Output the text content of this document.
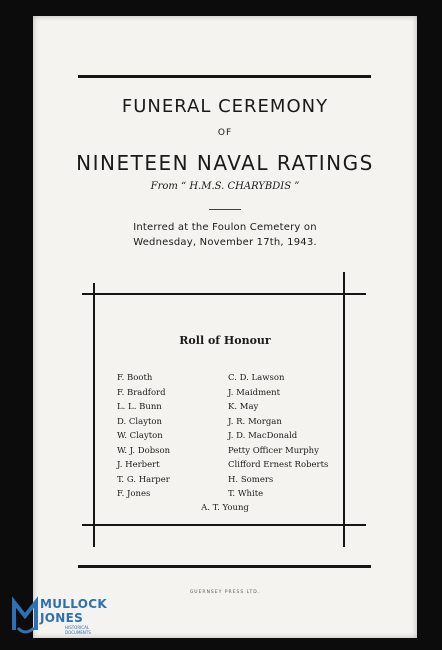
FUNERAL CEREMONY
OF
NINETEEN NAVAL RATINGS
From “ H.M.S. CHARYBDIS ”
Interred at the Foulon Cemetery on
Wednesday, November 17th, 1943.
Roll of Honour
F. Booth
F. Bradford
L. L. Bunn
D. Clayton
W. Clayton
W. J. Dobson
J. Herbert
T. G. Harper
F. Jones
C. D. Lawson
J. Maidment
K. May
J. R. Morgan
J. D. MacDonald
Petty Officer Murphy
Clifford Ernest Roberts
H. Somers
T. White
A. T. Young
GUERNSEY PRESS LTD.
MULLOCK
JONES
HISTORICAL DOCUMENTS
